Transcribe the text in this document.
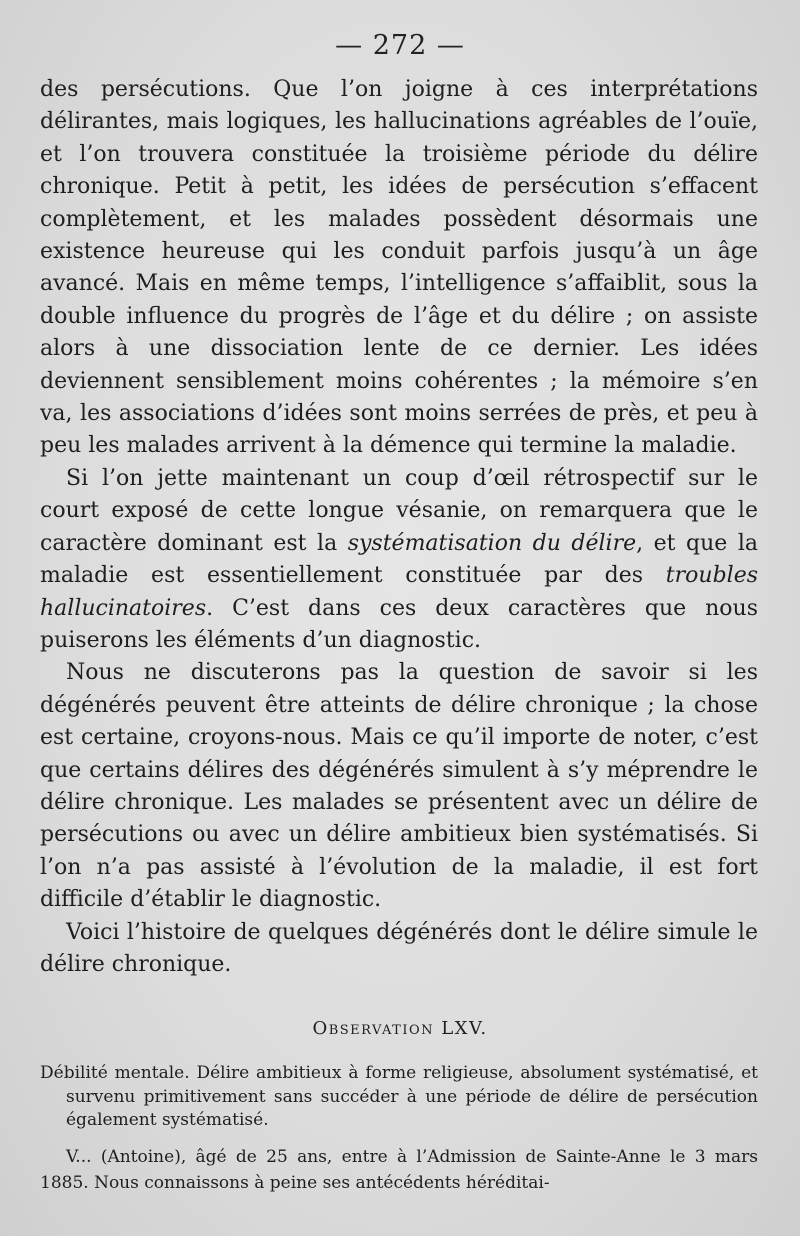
— 272 —

des persécutions. Que l’on joigne à ces interprétations délirantes, mais logiques, les hallucinations agréables de l’ouïe, et l’on trouvera constituée la troisième période du délire chronique. Petit à petit, les idées de persécution s’effacent complètement, et les malades possèdent désormais une existence heureuse qui les conduit parfois jusqu’à un âge avancé. Mais en même temps, l’intelligence s’affaiblit, sous la double influence du progrès de l’âge et du délire ; on assiste alors à une dissociation lente de ce dernier. Les idées deviennent sensiblement moins cohérentes ; la mémoire s’en va, les associations d’idées sont moins serrées de près, et peu à peu les malades arrivent à la démence qui termine la maladie.

Si l’on jette maintenant un coup d’œil rétrospectif sur le court exposé de cette longue vésanie, on remarquera que le caractère dominant est la systématisation du délire, et que la maladie est essentiellement constituée par des troubles hallucinatoires. C’est dans ces deux caractères que nous puiserons les éléments d’un diagnostic.

Nous ne discuterons pas la question de savoir si les dégénérés peuvent être atteints de délire chronique ; la chose est certaine, croyons-nous. Mais ce qu’il importe de noter, c’est que certains délires des dégénérés simulent à s’y méprendre le délire chronique. Les malades se présentent avec un délire de persécutions ou avec un délire ambitieux bien systématisés. Si l’on n’a pas assisté à l’évolution de la maladie, il est fort difficile d’établir le diagnostic.

Voici l’histoire de quelques dégénérés dont le délire simule le délire chronique.

Observation LXV.

Débilité mentale. Délire ambitieux à forme religieuse, absolument systématisé, et survenu primitivement sans succéder à une période de délire de persécution également systématisé.

V... (Antoine), âgé de 25 ans, entre à l’Admission de Sainte-Anne le 3 mars 1885. Nous connaissons à peine ses antécédents héréditai-
